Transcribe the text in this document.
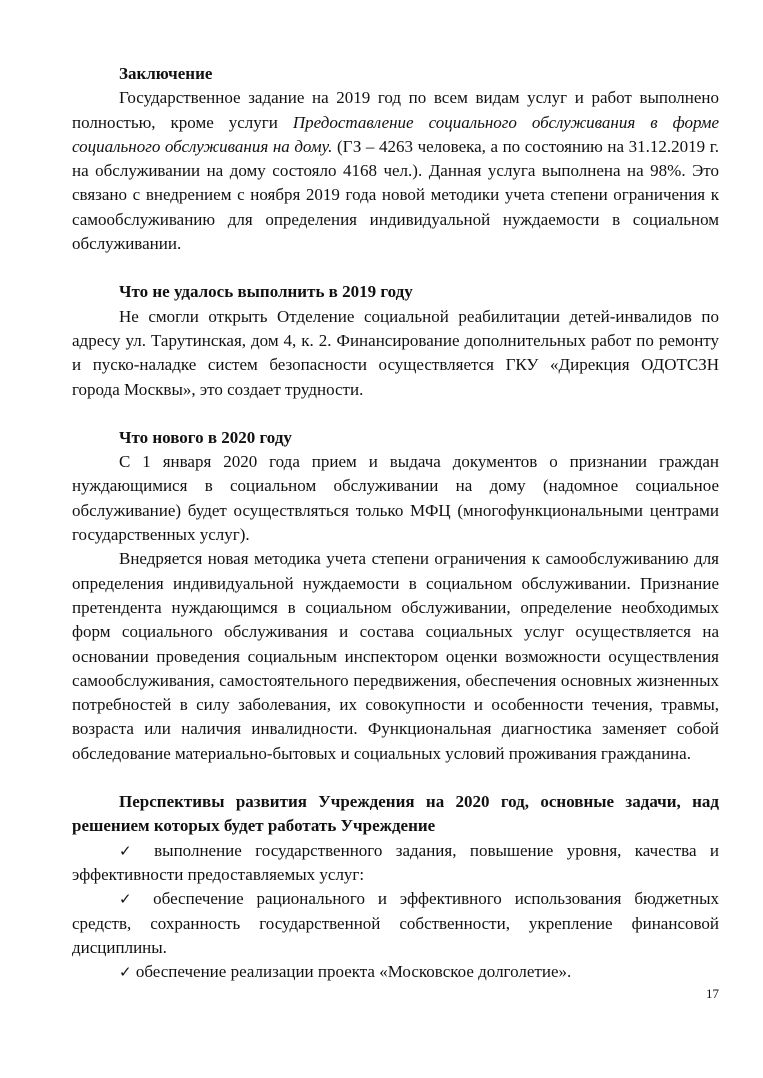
Заключение

Государственное задание на 2019 год по всем видам услуг и работ выполнено полностью, кроме услуги Предоставление социального обслуживания в форме социального обслуживания на дому. (ГЗ – 4263 человека, а по состоянию на 31.12.2019 г. на обслуживании на дому состояло 4168 чел.). Данная услуга выполнена на 98%. Это связано с внедрением с ноября 2019 года новой методики учета степени ограничения к самообслуживанию для определения индивидуальной нуждаемости в социальном обслуживании.

Что не удалось выполнить в 2019 году

Не смогли открыть Отделение социальной реабилитации детей-инвалидов по адресу ул. Тарутинская, дом 4, к. 2. Финансирование дополнительных работ по ремонту и пуско-наладке систем безопасности осуществляется ГКУ «Дирекция ОДОТСЗН города Москвы», это создает трудности.

Что нового в 2020 году

С 1 января 2020 года прием и выдача документов о признании граждан нуждающимися в социальном обслуживании на дому (надомное социальное обслуживание) будет осуществляться только МФЦ (многофункциональными центрами государственных услуг).

Внедряется новая методика учета степени ограничения к самообслуживанию для определения индивидуальной нуждаемости в социальном обслуживании. Признание претендента нуждающимся в социальном обслуживании, определение необходимых форм социального обслуживания и состава социальных услуг осуществляется на основании проведения социальным инспектором оценки возможности осуществления самообслуживания, самостоятельного передвижения, обеспечения основных жизненных потребностей в силу заболевания, их совокупности и особенности течения, травмы, возраста или наличия инвалидности. Функциональная диагностика заменяет собой обследование материально-бытовых и социальных условий проживания гражданина.

Перспективы развития Учреждения на 2020 год, основные задачи, над решением которых будет работать Учреждение

✓ выполнение государственного задания, повышение уровня, качества и эффективности предоставляемых услуг:

✓ обеспечение рационального и эффективного использования бюджетных средств, сохранность государственной собственности, укрепление финансовой дисциплины.

✓ обеспечение реализации проекта «Московское долголетие».

17
